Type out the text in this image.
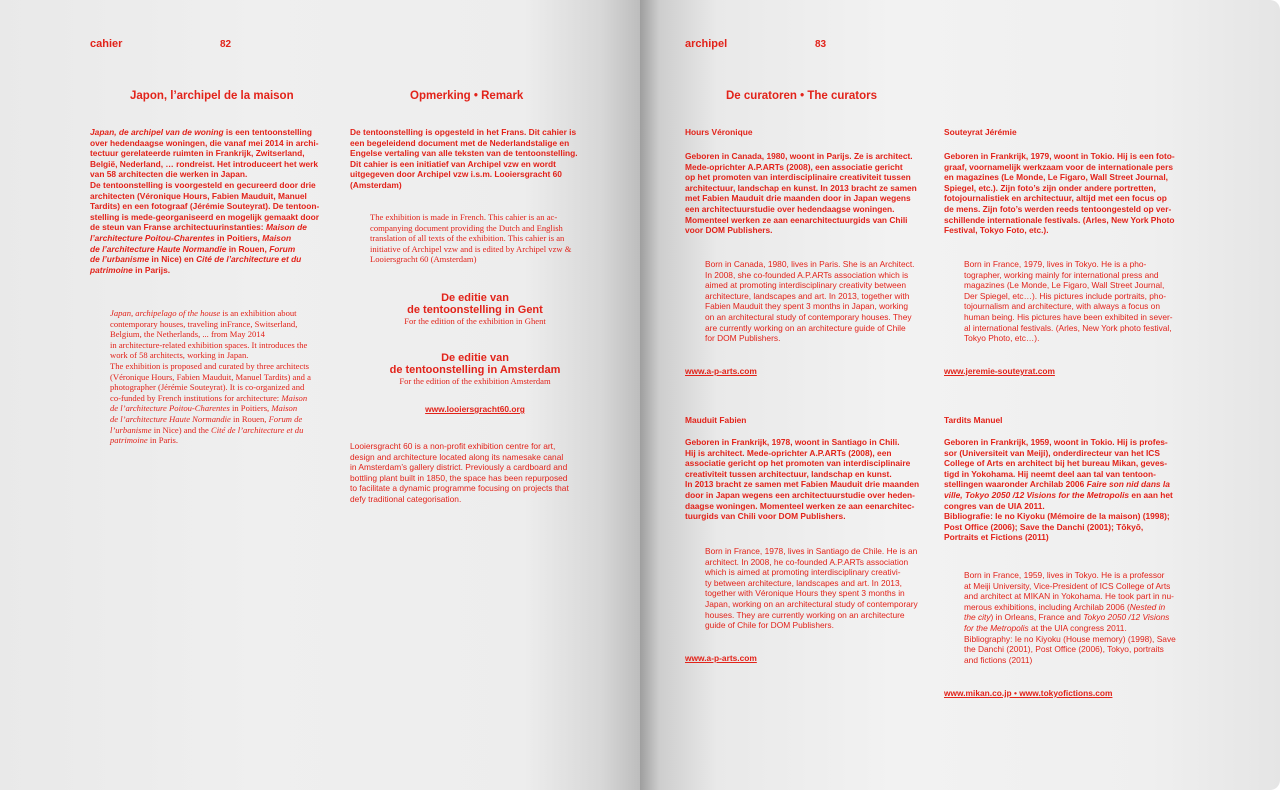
cahier	82
Japon, l’archipel de la maison
Japan, de archipel van de woning is een tentoonstelling
over hedendaagse woningen, die vanaf mei 2014 in archi-
tectuur gerelateerde ruimten in Frankrijk, Zwitserland,
België, Nederland, … rondreist. Het introduceert het werk
van 58 architecten die werken in Japan.
De tentoonstelling is voorgesteld en gecureerd door drie
architecten (Véronique Hours, Fabien Mauduit, Manuel
Tardits) en een fotograaf (Jérémie Souteyrat). De tentoon-
stelling is mede-georganiseerd en mogelijk gemaakt door
de steun van Franse architectuurinstanties: Maison de
l’architecture Poitou-Charentes in Poitiers, Maison
de l’architecture Haute Normandie in Rouen, Forum
de l’urbanisme in Nice) en Cité de l’architecture et du
patrimoine in Parijs.
Japan, archipelago of the house is an exhibition about
contemporary houses, traveling inFrance, Switserland,
Belgium, the Netherlands, ... from May 2014
in architecture-related exhibition spaces. It introduces the
work of 58 architects, working in Japan.
The exhibition is proposed and curated by three architects
(Véronique Hours, Fabien Mauduit, Manuel Tardits) and a
photographer (Jérémie Souteyrat). It is co-organized and
co-funded by French institutions for architecture: Maison
de l’architecture Poitou-Charentes in Poitiers, Maison
de l’architecture Haute Normandie in Rouen, Forum de
l’urbanisme in Nice) and the Cité de l’architecture et du
patrimoine in Paris.
Opmerking • Remark
De tentoonstelling is opgesteld in het Frans. Dit cahier is
een begeleidend document met de Nederlandstalige en
Engelse vertaling van alle teksten van de tentoonstelling.
Dit cahier is een initiatief van Archipel vzw en wordt
uitgegeven door Archipel vzw i.s.m. Looiersgracht 60
(Amsterdam)
The exhibition is made in French. This cahier is an ac-
companying document providing the Dutch and English
translation of all texts of the exhibition. This cahier is an
initiative of Archipel vzw and is edited by Archipel vzw &
Looiersgracht 60 (Amsterdam)
De editie van
de tentoonstelling in Gent
For the edition of the exhibition in Ghent
De editie van
de tentoonstelling in Amsterdam
For the edition of the exhibition Amsterdam
www.looiersgracht60.org
Looiersgracht 60 is a non-profit exhibition centre for art,
design and architecture located along its namesake canal
in Amsterdam’s gallery district. Previously a cardboard and
bottling plant built in 1850, the space has been repurposed
to facilitate a dynamic programme focusing on projects that
defy traditional categorisation.
archipel	83
De curatoren • The curators
Hours Véronique
Geboren in Canada, 1980, woont in Parijs. Ze is architect.
Mede-oprichter A.P.ARTs (2008), een associatie gericht
op het promoten van interdisciplinaire creativiteit tussen
architectuur, landschap en kunst. In 2013 bracht ze samen
met Fabien Mauduit drie maanden door in Japan wegens
een architectuurstudie over hedendaagse woningen.
Momenteel werken ze aan eenarchitectuurgids van Chili
voor DOM Publishers.
Born in Canada, 1980, lives in Paris. She is an Architect.
In 2008, she co-founded A.P.ARTs association which is
aimed at promoting interdisciplinary creativity between
architecture, landscapes and art. In 2013, together with
Fabien Mauduit they spent 3 months in Japan, working
on an architectural study of contemporary houses. They
are currently working on an architecture guide of Chile
for DOM Publishers.
www.a-p-arts.com
Souteyrat Jérémie
Geboren in Frankrijk, 1979, woont in Tokio. Hij is een foto-
graaf, voornamelijk werkzaam voor de internationale pers
en magazines (Le Monde, Le Figaro, Wall Street Journal,
Spiegel, etc.). Zijn foto’s zijn onder andere portretten,
fotojournalistiek en architectuur, altijd met een focus op
de mens. Zijn foto’s werden reeds tentoongesteld op ver-
schillende internationale festivals. (Arles, New York Photo
Festival, Tokyo Foto, etc.).
Born in France, 1979, lives in Tokyo. He is a pho-
tographer, working mainly for international press and
magazines (Le Monde, Le Figaro, Wall Street Journal,
Der Spiegel, etc…). His pictures include portraits, pho-
tojournalism and architecture, with always a focus on
human being. His pictures have been exhibited in sever-
al international festivals. (Arles, New York photo festival,
Tokyo Photo, etc…).
www.jeremie-souteyrat.com
Mauduit Fabien
Geboren in Frankrijk, 1978, woont in Santiago in Chili.
Hij is architect. Mede-oprichter A.P.ARTs (2008), een
associatie gericht op het promoten van interdisciplinaire
creativiteit tussen architectuur, landschap en kunst.
In 2013 bracht ze samen met Fabien Mauduit drie maanden
door in Japan wegens een architectuurstudie over heden-
daagse woningen. Momenteel werken ze aan eenarchitec-
tuurgids van Chili voor DOM Publishers.
Born in France, 1978, lives in Santiago de Chile. He is an
architect. In 2008, he co-founded A.P.ARTs association
which is aimed at promoting interdisciplinary creativi-
ty between architecture, landscapes and art. In 2013,
together with Véronique Hours they spent 3 months in
Japan, working on an architectural study of contemporary
houses. They are currently working on an architecture
guide of Chile for DOM Publishers.
www.a-p-arts.com
Tardits Manuel
Geboren in Frankrijk, 1959, woont in Tokio. Hij is profes-
sor (Universiteit van Meiji), onderdirecteur van het ICS
College of Arts en architect bij het bureau Mikan, geves-
tigd in Yokohama. Hij neemt deel aan tal van tentoon-
stellingen waaronder Archilab 2006 Faire son nid dans la
ville, Tokyo 2050 /12 Visions for the Metropolis en aan het
congres van de UIA 2011.
Bibliografie: Ie no Kiyoku (Mémoire de la maison) (1998);
Post Office (2006); Save the Danchi (2001); Tōkyō,
Portraits et Fictions (2011)
Born in France, 1959, lives in Tokyo. He is a professor
at Meiji University, Vice-President of ICS College of Arts
and architect at MIKAN in Yokohama. He took part in nu-
merous exhibitions, including Archilab 2006 (Nested in
the city) in Orleans, France and Tokyo 2050 /12 Visions
for the Metropolis at the UIA congress 2011.
Bibliography: Ie no Kiyoku (House memory) (1998), Save
the Danchi (2001), Post Office (2006), Tokyo, portraits
and fictions (2011)
www.mikan.co.jp • www.tokyofictions.com
